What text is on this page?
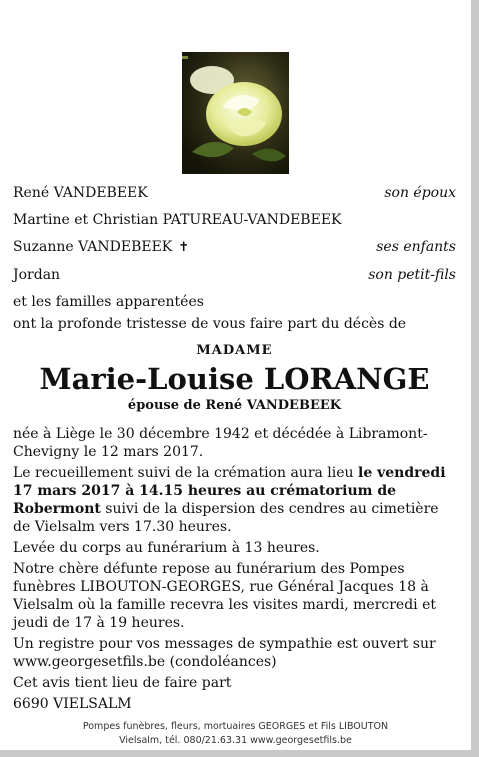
René VANDEBEEK	son époux
Martine et Christian PATUREAU-VANDEBEEK
Suzanne VANDEBEEK ✝	ses enfants
Jordan	son petit-fils
et les familles apparentées
ont la profonde tristesse de vous faire part du décès de
MADAME
Marie-Louise LORANGE
épouse de René VANDEBEEK
née à Liège le 30 décembre 1942 et décédée à Libramont-Chevigny le 12 mars 2017.
Le recueillement suivi de la crémation aura lieu le vendredi 17 mars 2017 à 14.15 heures au crématorium de Robermont suivi de la dispersion des cendres au cimetière de Vielsalm vers 17.30 heures.
Levée du corps au funérarium à 13 heures.
Notre chère défunte repose au funérarium des Pompes funèbres LIBOUTON-GEORGES, rue Général Jacques 18 à Vielsalm où la famille recevra les visites mardi, mercredi et jeudi de 17 à 19 heures.
Un registre pour vos messages de sympathie est ouvert sur www.georgesetfils.be (condoléances)
Cet avis tient lieu de faire part
6690 VIELSALM
Pompes funèbres, fleurs, mortuaires GEORGES et Fils LIBOUTON
Vielsalm, tél. 080/21.63.31 www.georgesetfils.be
